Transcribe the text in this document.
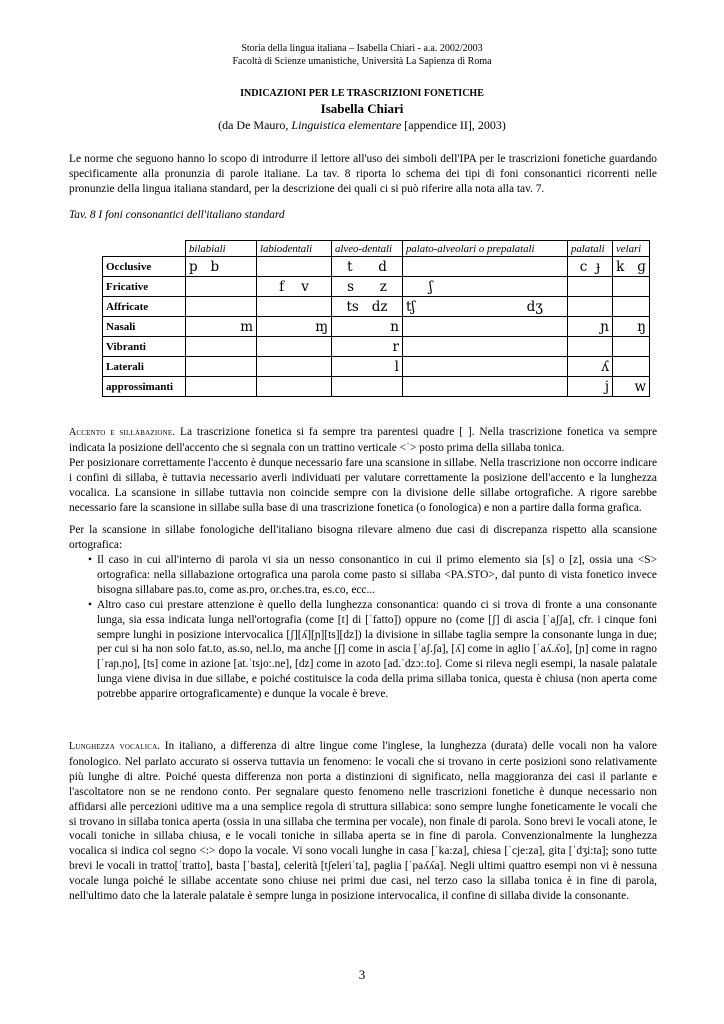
Storia della lingua italiana – Isabella Chiari - a.a. 2002/2003
Facoltà di Scienze umanistiche, Università La Sapienza di Roma
INDICAZIONI PER LE TRASCRIZIONI FONETICHE
Isabella Chiari
(da De Mauro, Linguistica elementare [appendice II], 2003)
Le norme che seguono hanno lo scopo di introdurre il lettore all'uso dei simboli dell'IPA per le trascrizioni fonetiche guardando specificamente alla pronunzia di parole italiane. La tav. 8 riporta lo schema dei tipi di foni consonantici ricorrenti nelle pronunzie della lingua italiana standard, per la descrizione dei quali ci si può riferire alla nota alla tav. 7.
Tav. 8 I foni consonantici dell'italiano standard
	bilabiali	labiodentali	alveo-dentali	palato-alveolari o prepalatali	palatali	velari
Occlusive	p   b		t      d		c  ɟ	k   ɡ
Fricative		f    v	s      z	ʃ		
Affricate			ts   dz	tʃ                          dʒ		
Nasali	m	ɱ	n		ɲ	ŋ
Vibranti			r			
Laterali			l		ʎ	
approssimanti					j	w
Accento e sillabazione. La trascrizione fonetica si fa sempre tra parentesi quadre [ ]. Nella trascrizione fonetica va sempre indicata la posizione dell'accento che si segnala con un trattino verticale <ˈ> posto prima della sillaba tonica.
Per posizionare correttamente l'accento è dunque necessario fare una scansione in sillabe. Nella trascrizione non occorre indicare i confini di sillaba, è tuttavia necessario averli individuati per valutare correttamente la posizione dell'accento e la lunghezza vocalica. La scansione in sillabe tuttavia non coincide sempre con la divisione delle sillabe ortografiche. A rigore sarebbe necessario fare la scansione in sillabe sulla base di una trascrizione fonetica (o fonologica) e non a partire dalla forma grafica.
Per la scansione in sillabe fonologiche dell'italiano bisogna rilevare almeno due casi di discrepanza rispetto alla scansione ortografica:
• Il caso in cui all'interno di parola vi sia un nesso consonantico in cui il primo elemento sia [s] o [z], ossia una <S> ortografica: nella sillabazione ortografica una parola come pasto si sillaba <PA.STO>, dal punto di vista fonetico invece bisogna sillabare pas.to, come as.pro, or.ches.tra, es.co, ecc...
• Altro caso cui prestare attenzione è quello della lunghezza consonantica: quando ci si trova di fronte a una consonante lunga, sia essa indicata lunga nell'ortografia (come [t] di [ˈfatto]) oppure no (come [ʃ] di ascia [ˈaʃʃa], cfr. i cinque foni sempre lunghi in posizione intervocalica [ʃ][ʎ][ɲ][ts][dz]) la divisione in sillabe taglia sempre la consonante lunga in due; per cui si ha non solo fat.to, as.so, nel.lo, ma anche [ʃ] come in ascia [ˈaʃ.ʃa], [ʎ] come in aglio [ˈaʎ.ʎo], [ɲ] come in ragno [ˈraɲ.ɲo], [ts] come in azione [at.ˈtsjo:.ne], [dz] come in azoto [ad.ˈdzɔ:.to]. Come si rileva negli esempi, la nasale palatale lunga viene divisa in due sillabe, e poiché costituisce la coda della prima sillaba tonica, questa è chiusa (non aperta come potrebbe apparire ortograficamente) e dunque la vocale è breve.
Lunghezza vocalica. In italiano, a differenza di altre lingue come l'inglese, la lunghezza (durata) delle vocali non ha valore fonologico. Nel parlato accurato si osserva tuttavia un fenomeno: le vocali che si trovano in certe posizioni sono relativamente più lunghe di altre. Poiché questa differenza non porta a distinzioni di significato, nella maggioranza dei casi il parlante e l'ascoltatore non se ne rendono conto. Per segnalare questo fenomeno nelle trascrizioni fonetiche è dunque necessario non affidarsi alle percezioni uditive ma a una semplice regola di struttura sillabica: sono sempre lunghe foneticamente le vocali che si trovano in sillaba tonica aperta (ossia in una sillaba che termina per vocale), non finale di parola. Sono brevi le vocali atone, le vocali toniche in sillaba chiusa, e le vocali toniche in sillaba aperta se in fine di parola. Convenzionalmente la lunghezza vocalica si indica col segno <:> dopo la vocale. Vi sono vocali lunghe in casa [ˈka:za], chiesa [ˈcje:za], gita [ˈdʒi:ta]; sono tutte brevi le vocali in tratto[ˈtratto], basta [ˈbasta], celerità [tʃeleriˈta], paglia [ˈpaʎʎa]. Negli ultimi quattro esempi non vi è nessuna vocale lunga poiché le sillabe accentate sono chiuse nei primi due casi, nel terzo caso la sillaba tonica è in fine di parola, nell'ultimo dato che la laterale palatale è sempre lunga in posizione intervocalica, il confine di sillaba divide la consonante.
3
